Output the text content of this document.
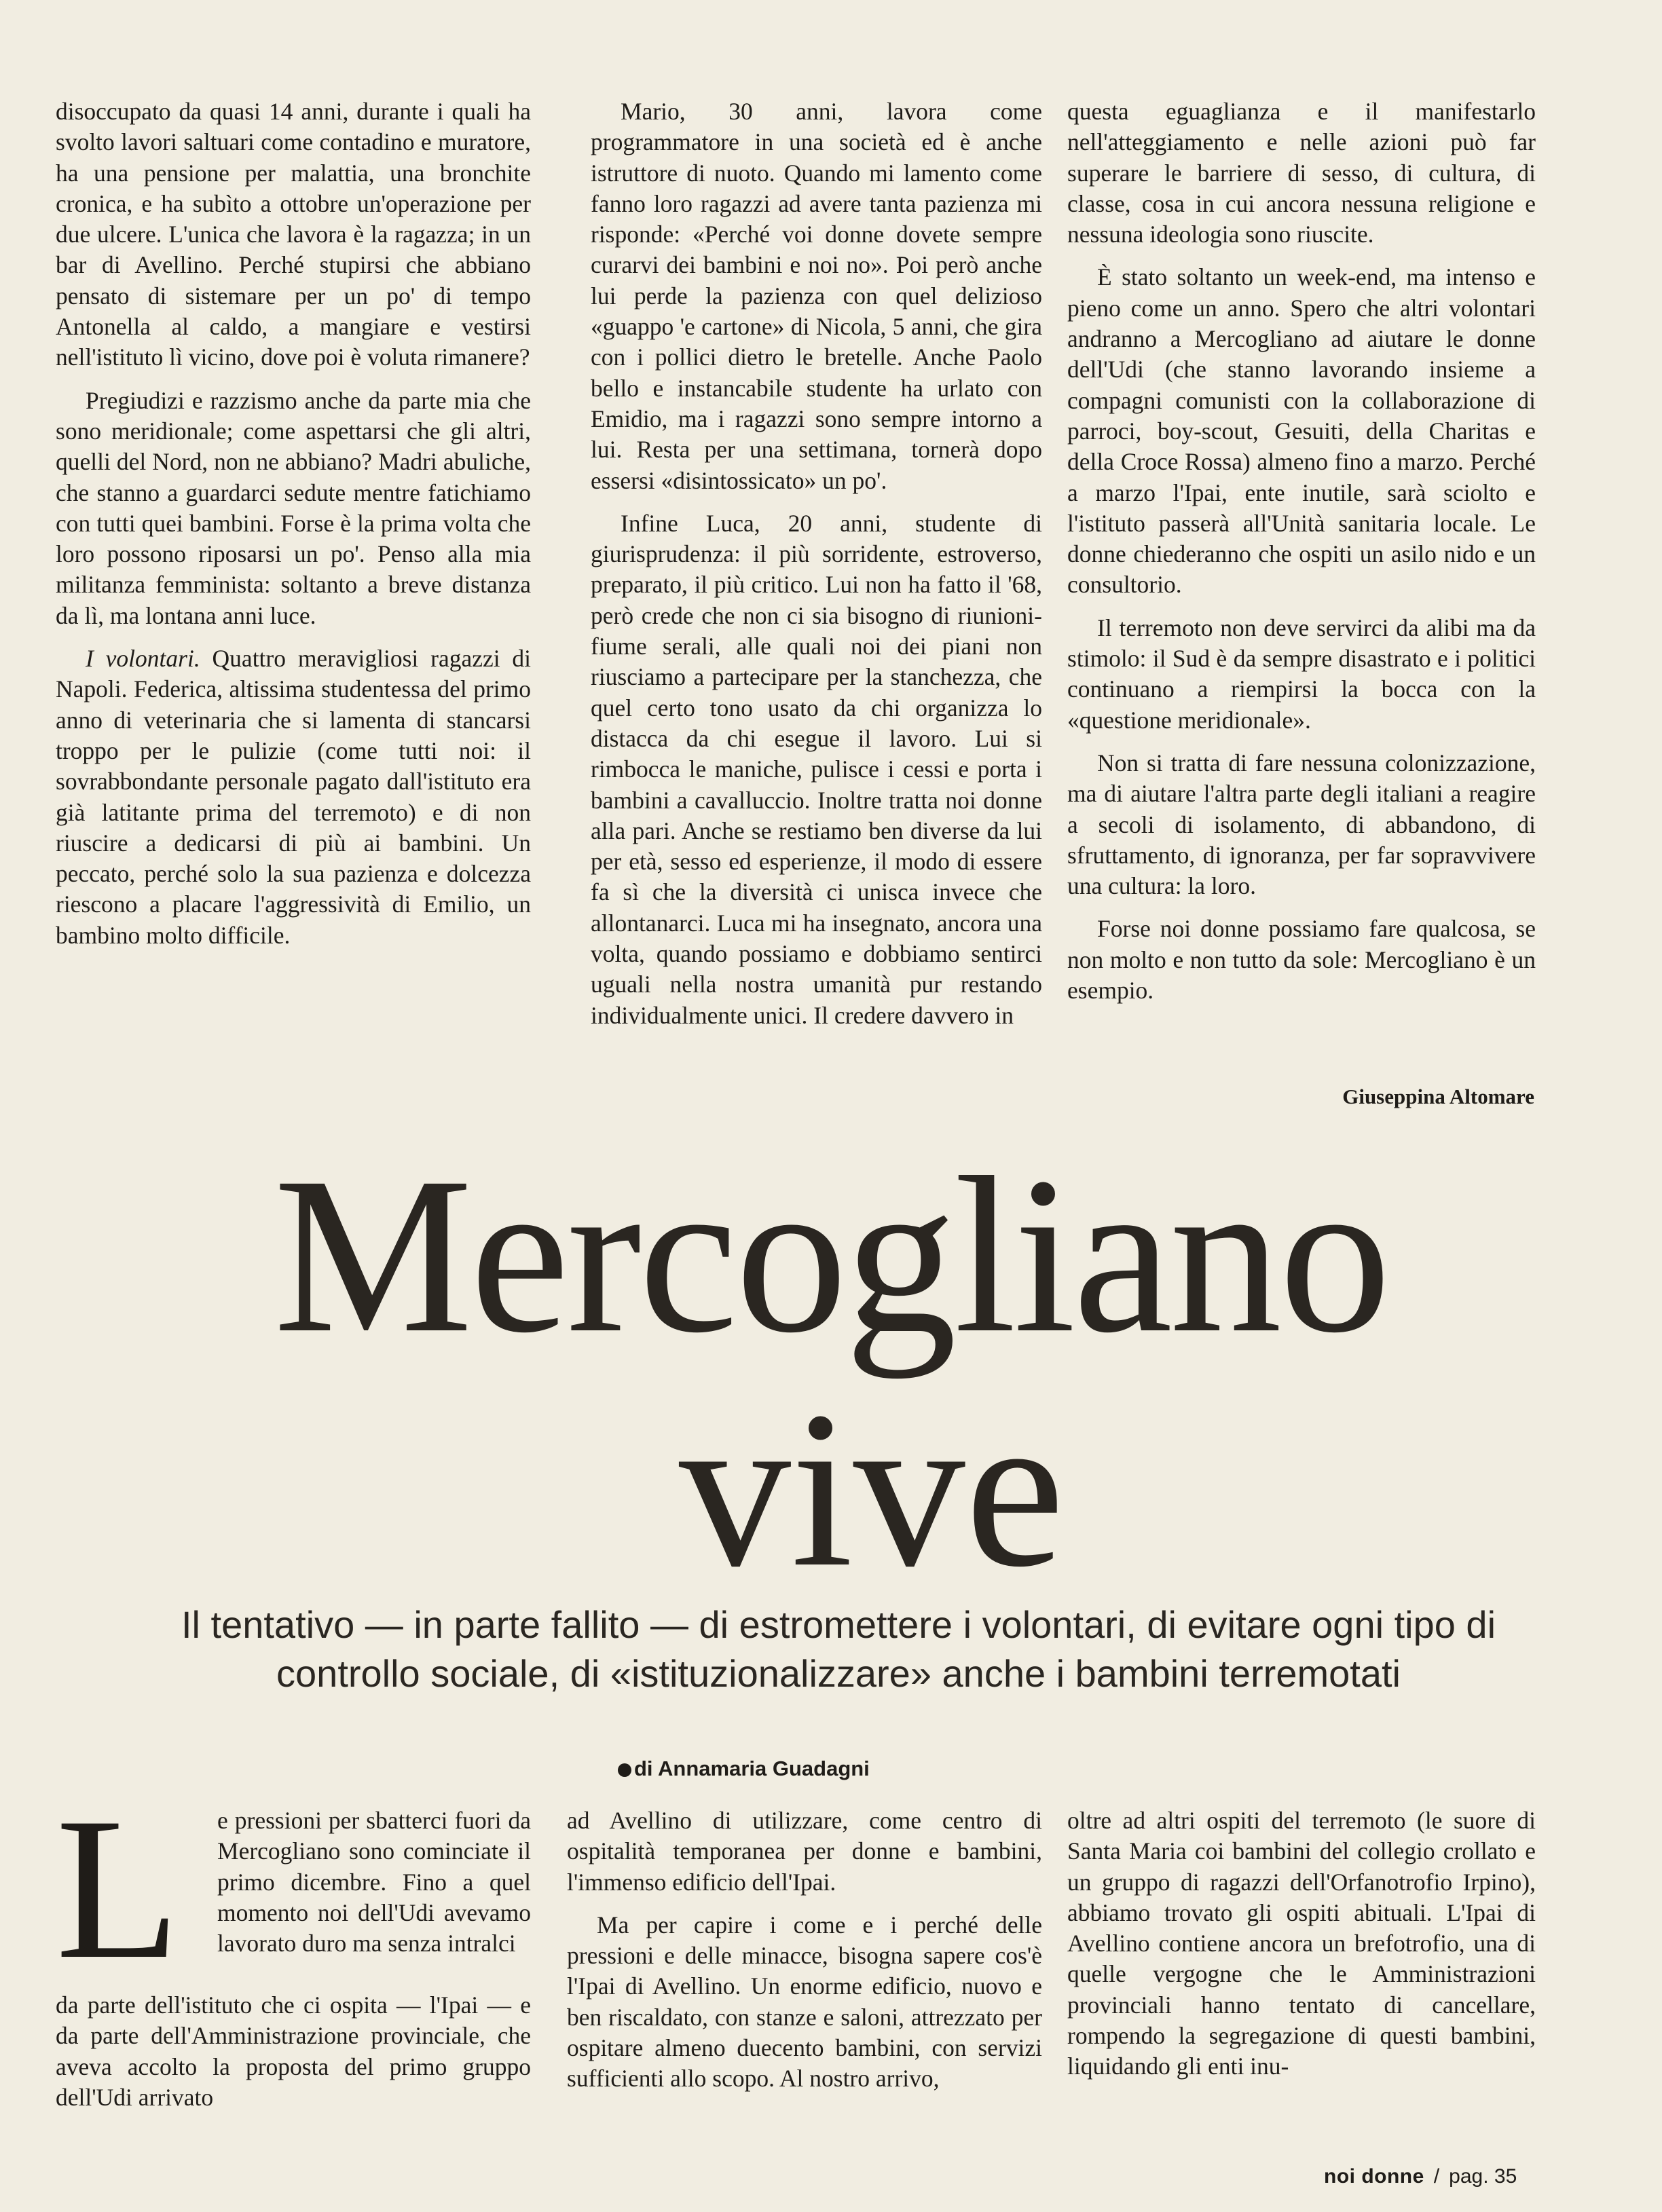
disoccupato da quasi 14 anni, durante i quali ha svolto lavori saltuari come contadino e muratore, ha una pensione per malattia, una bronchite cronica, e ha subìto a ottobre un'operazione per due ulcere. L'unica che lavora è la ragazza; in un bar di Avellino. Perché stupirsi che abbiano pensato di sistemare per un po' di tempo Antonella al caldo, a mangiare e vestirsi nell'istituto lì vicino, dove poi è voluta rimanere?

Pregiudizi e razzismo anche da parte mia che sono meridionale; come aspettarsi che gli altri, quelli del Nord, non ne abbiano? Madri abuliche, che stanno a guardarci sedute mentre fatichiamo con tutti quei bambini. Forse è la prima volta che loro possono riposarsi un po'. Penso alla mia militanza femminista: soltanto a breve distanza da lì, ma lontana anni luce.

I volontari. Quattro meravigliosi ragazzi di Napoli. Federica, altissima studentessa del primo anno di veterinaria che si lamenta di stancarsi troppo per le pulizie (come tutti noi: il sovrabbondante personale pagato dall'istituto era già latitante prima del terremoto) e di non riuscire a dedicarsi di più ai bambini. Un peccato, perché solo la sua pazienza e dolcezza riescono a placare l'aggressività di Emilio, un bambino molto difficile.

Mario, 30 anni, lavora come programmatore in una società ed è anche istruttore di nuoto. Quando mi lamento come fanno loro ragazzi ad avere tanta pazienza mi risponde: «Perché voi donne dovete sempre curarvi dei bambini e noi no». Poi però anche lui perde la pazienza con quel delizioso «guappo 'e cartone» di Nicola, 5 anni, che gira con i pollici dietro le bretelle. Anche Paolo bello e instancabile studente ha urlato con Emidio, ma i ragazzi sono sempre intorno a lui. Resta per una settimana, tornerà dopo essersi «disintossicato» un po'.

Infine Luca, 20 anni, studente di giurisprudenza: il più sorridente, estroverso, preparato, il più critico. Lui non ha fatto il '68, però crede che non ci sia bisogno di riunioni-fiume serali, alle quali noi dei piani non riusciamo a partecipare per la stanchezza, che quel certo tono usato da chi organizza lo distacca da chi esegue il lavoro. Lui si rimbocca le maniche, pulisce i cessi e porta i bambini a cavalluccio. Inoltre tratta noi donne alla pari. Anche se restiamo ben diverse da lui per età, sesso ed esperienze, il modo di essere fa sì che la diversità ci unisca invece che allontanarci. Luca mi ha insegnato, ancora una volta, quando possiamo e dobbiamo sentirci uguali nella nostra umanità pur restando individualmente unici. Il credere davvero in

questa eguaglianza e il manifestarlo nell'atteggiamento e nelle azioni può far superare le barriere di sesso, di cultura, di classe, cosa in cui ancora nessuna religione e nessuna ideologia sono riuscite.

È stato soltanto un week-end, ma intenso e pieno come un anno. Spero che altri volontari andranno a Mercogliano ad aiutare le donne dell'Udi (che stanno lavorando insieme a compagni comunisti con la collaborazione di parroci, boy-scout, Gesuiti, della Charitas e della Croce Rossa) almeno fino a marzo. Perché a marzo l'Ipai, ente inutile, sarà sciolto e l'istituto passerà all'Unità sanitaria locale. Le donne chiederanno che ospiti un asilo nido e un consultorio.

Il terremoto non deve servirci da alibi ma da stimolo: il Sud è da sempre disastrato e i politici continuano a riempirsi la bocca con la «questione meridionale».

Non si tratta di fare nessuna colonizzazione, ma di aiutare l'altra parte degli italiani a reagire a secoli di isolamento, di abbandono, di sfruttamento, di ignoranza, per far sopravvivere una cultura: la loro.

Forse noi donne possiamo fare qualcosa, se non molto e non tutto da sole: Mercogliano è un esempio.

Giuseppina Altomare
Mercogliano
vive
Il tentativo — in parte fallito — di estromettere i volontari, di evitare ogni tipo di controllo sociale, di «istituzionalizzare» anche i bambini terremotati
di Annamaria Guadagni
L e pressioni per sbatterci fuori da Mercogliano sono cominciate il primo dicembre. Fino a quel momento noi dell'Udi avevamo lavorato duro ma senza intralci
da parte dell'istituto che ci ospita — l'Ipai — e da parte dell'Amministrazione provinciale, che aveva accolto la proposta del primo gruppo dell'Udi arrivato

ad Avellino di utilizzare, come centro di ospitalità temporanea per donne e bambini, l'immenso edificio dell'Ipai.

Ma per capire i come e i perché delle pressioni e delle minacce, bisogna sapere cos'è l'Ipai di Avellino. Un enorme edificio, nuovo e ben riscaldato, con stanze e saloni, attrezzato per ospitare almeno duecento bambini, con servizi sufficienti allo scopo. Al nostro arrivo,

oltre ad altri ospiti del terremoto (le suore di Santa Maria coi bambini del collegio crollato e un gruppo di ragazzi dell'Orfanotrofio Irpino), abbiamo trovato gli ospiti abituali. L'Ipai di Avellino contiene ancora un brefotrofio, una di quelle vergogne che le Amministrazioni provinciali hanno tentato di cancellare, rompendo la segregazione di questi bambini, liquidando gli enti inu-

noi donne / pag. 35
